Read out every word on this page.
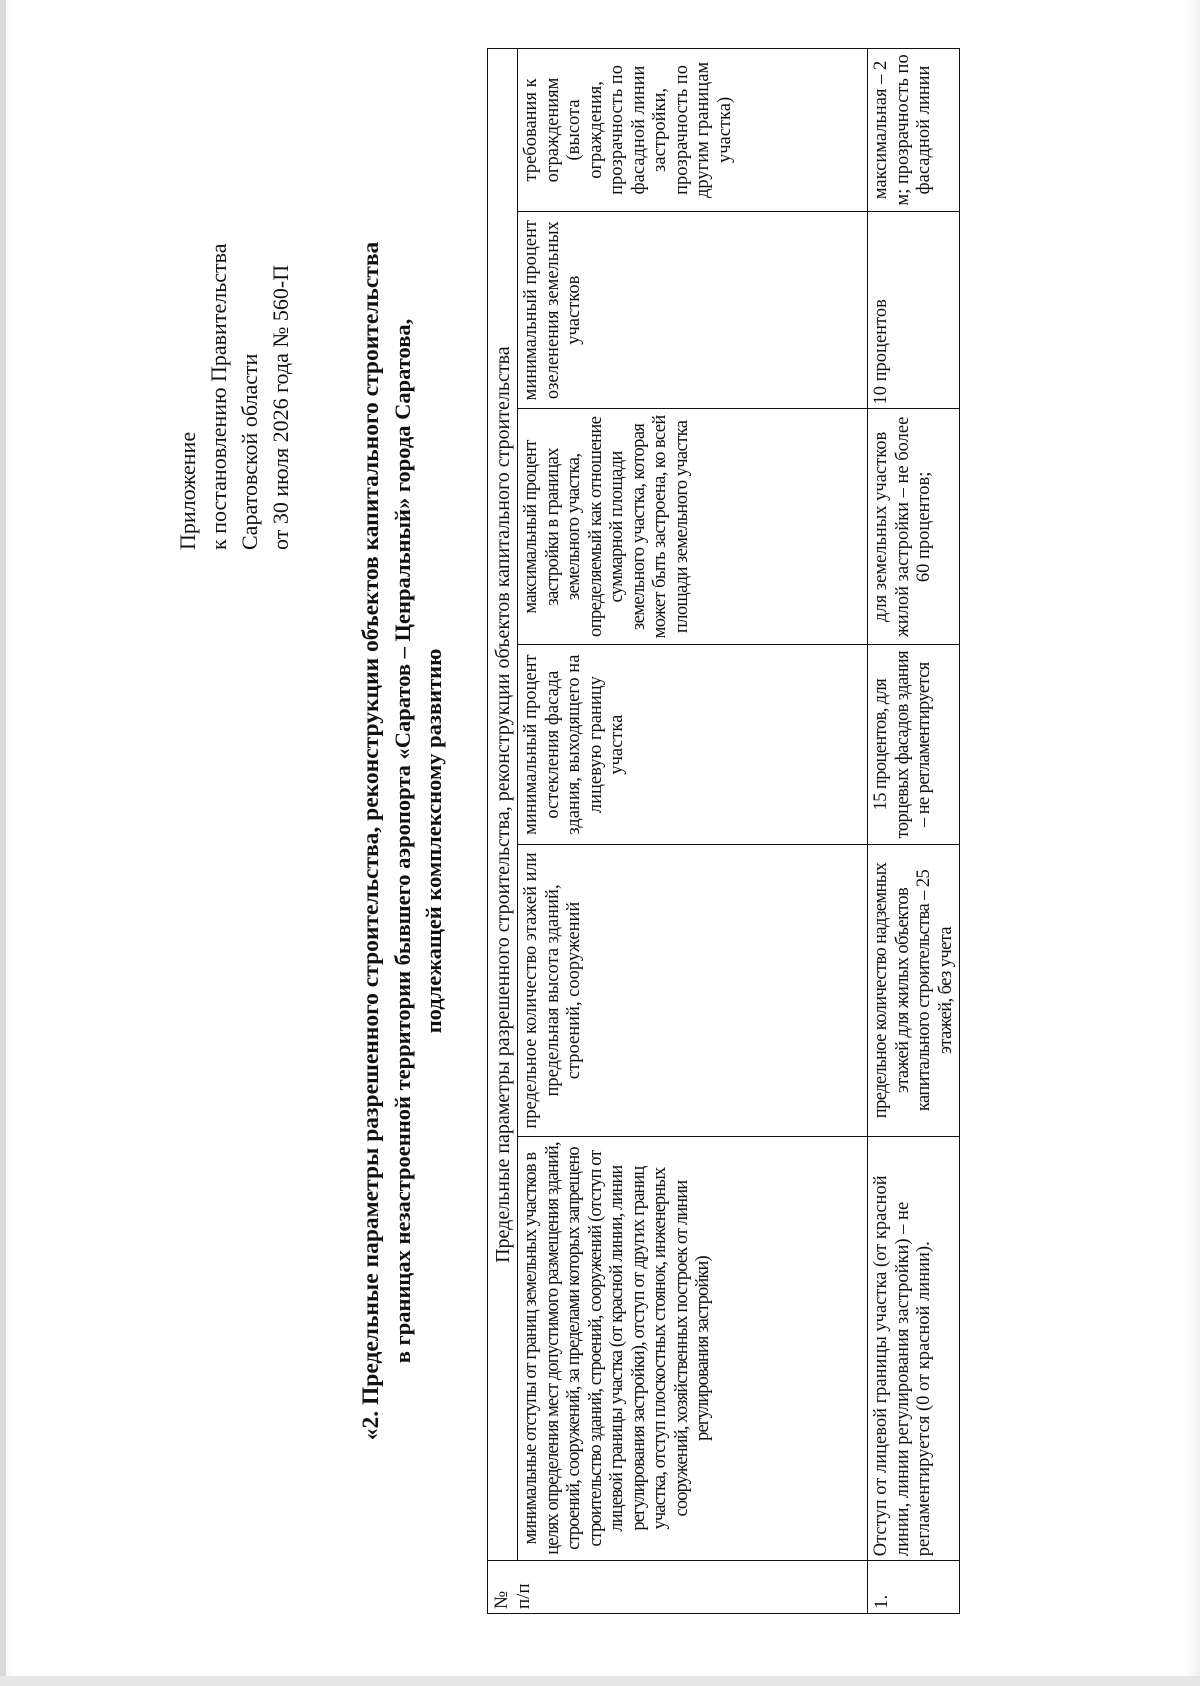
Приложение к постановлению Правительства Саратовской области от 30 июля 2026 года № 560-П	«2. Предельные параметры разрешенного строительства, реконструкции объектов капитального строительства в границах незастроенной территории бывшего аэропорта «Саратов – Ценральный» города Саратова, подлежащей комплексному развитию
№
п/п	Предельные параметры разрешенного строительства, реконструкции объектов капитального строительства					
	минимальные отступы от границ земельных участков в целях определения мест допустимого размещения зданий, строений, сооружений, за пределами которых запрещено строительство зданий, строений, сооружений (отступ от лицевой границы участка (от красной линии, линии регулирования застройки), отступ от других границ участка, отступ плоскостных стоянок, инженерных сооружений, хозяйственных построек от линии регулирования застройки)	предельное количество этажей или предельная высота зданий, строений, сооружений	минимальный процент остекления фасада здания, выходящего на лицевую границу участка	максимальный процент застройки в границах земельного участка, определяемый как отношение суммарной площади земельного участка, которая может быть застроена, ко всей площади земельного участка	минимальный процент озеленения земельных участков	требования к ограждениям (высота ограждения, прозрачность по фасадной линии застройки, прозрачность по другим границам участка)
1.	Отступ от лицевой границы участка (от красной линии, линии регулирования застройки) – не регламентируется (0 от красной линии).	предельное количество надземных этажей для жилых объектов капитального строительства – 25 этажей, без учета	15 процентов, для торцевых фасадов здания – не регламентируется	для земельных участков жилой застройки – не более 60 процентов;	10 процентов	максимальная – 2 м; прозрачность по фасадной линии
